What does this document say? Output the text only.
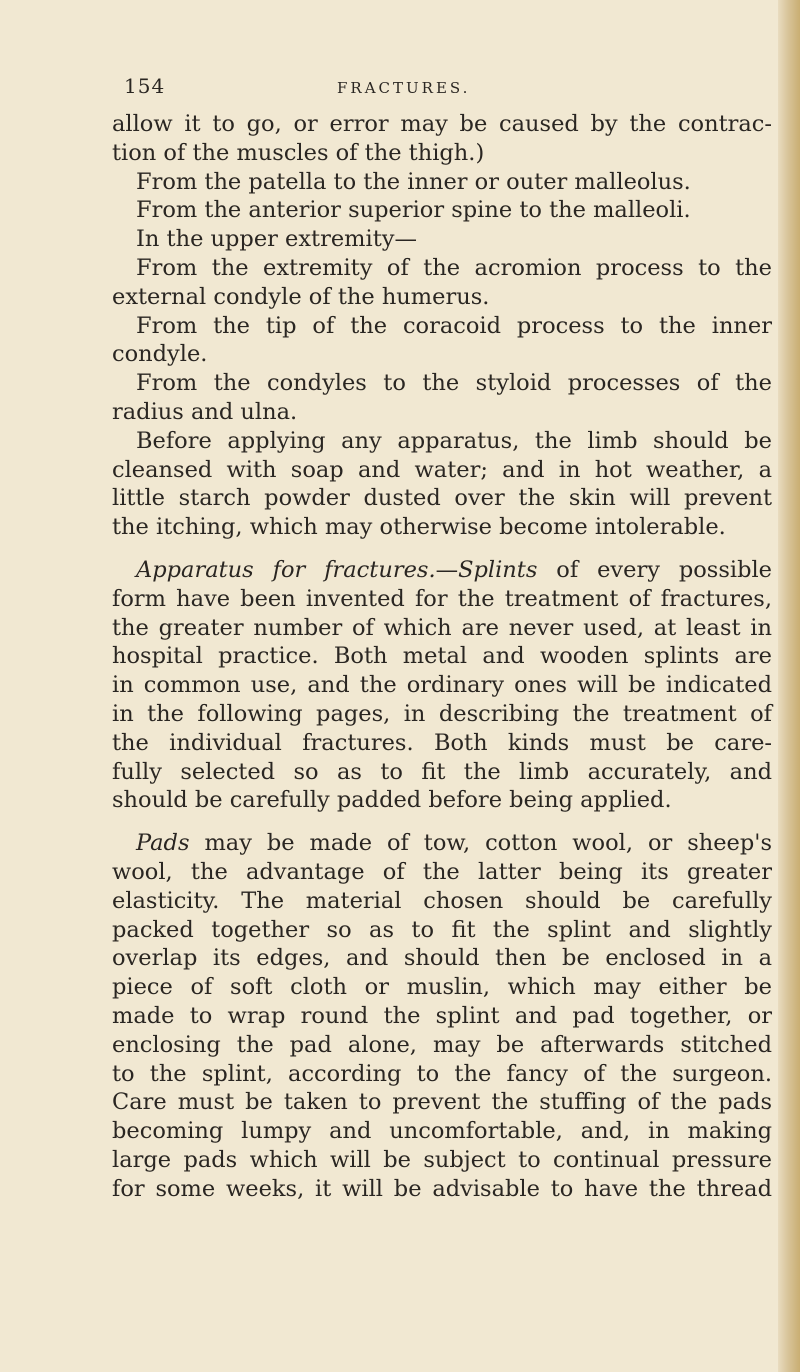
154	FRACTURES.
allow it to go, or error may be caused by the contrac-
tion of the muscles of the thigh.)
From the patella to the inner or outer malleolus.
From the anterior superior spine to the malleoli.
In the upper extremity—
From the extremity of the acromion process to the
external condyle of the humerus.
From the tip of the coracoid process to the inner
condyle.
From the condyles to the styloid processes of the
radius and ulna.
Before applying any apparatus, the limb should be
cleansed with soap and water; and in hot weather, a
little starch powder dusted over the skin will prevent
the itching, which may otherwise become intolerable.
Apparatus for fractures.—Splints of every possible
form have been invented for the treatment of fractures,
the greater number of which are never used, at least in
hospital practice. Both metal and wooden splints are
in common use, and the ordinary ones will be indicated
in the following pages, in describing the treatment of
the individual fractures. Both kinds must be care-
fully selected so as to fit the limb accurately, and
should be carefully padded before being applied.
Pads may be made of tow, cotton wool, or sheep's
wool, the advantage of the latter being its greater
elasticity. The material chosen should be carefully
packed together so as to fit the splint and slightly
overlap its edges, and should then be enclosed in a
piece of soft cloth or muslin, which may either be
made to wrap round the splint and pad together, or
enclosing the pad alone, may be afterwards stitched
to the splint, according to the fancy of the surgeon.
Care must be taken to prevent the stuffing of the pads
becoming lumpy and uncomfortable, and, in making
large pads which will be subject to continual pressure
for some weeks, it will be advisable to have the thread
